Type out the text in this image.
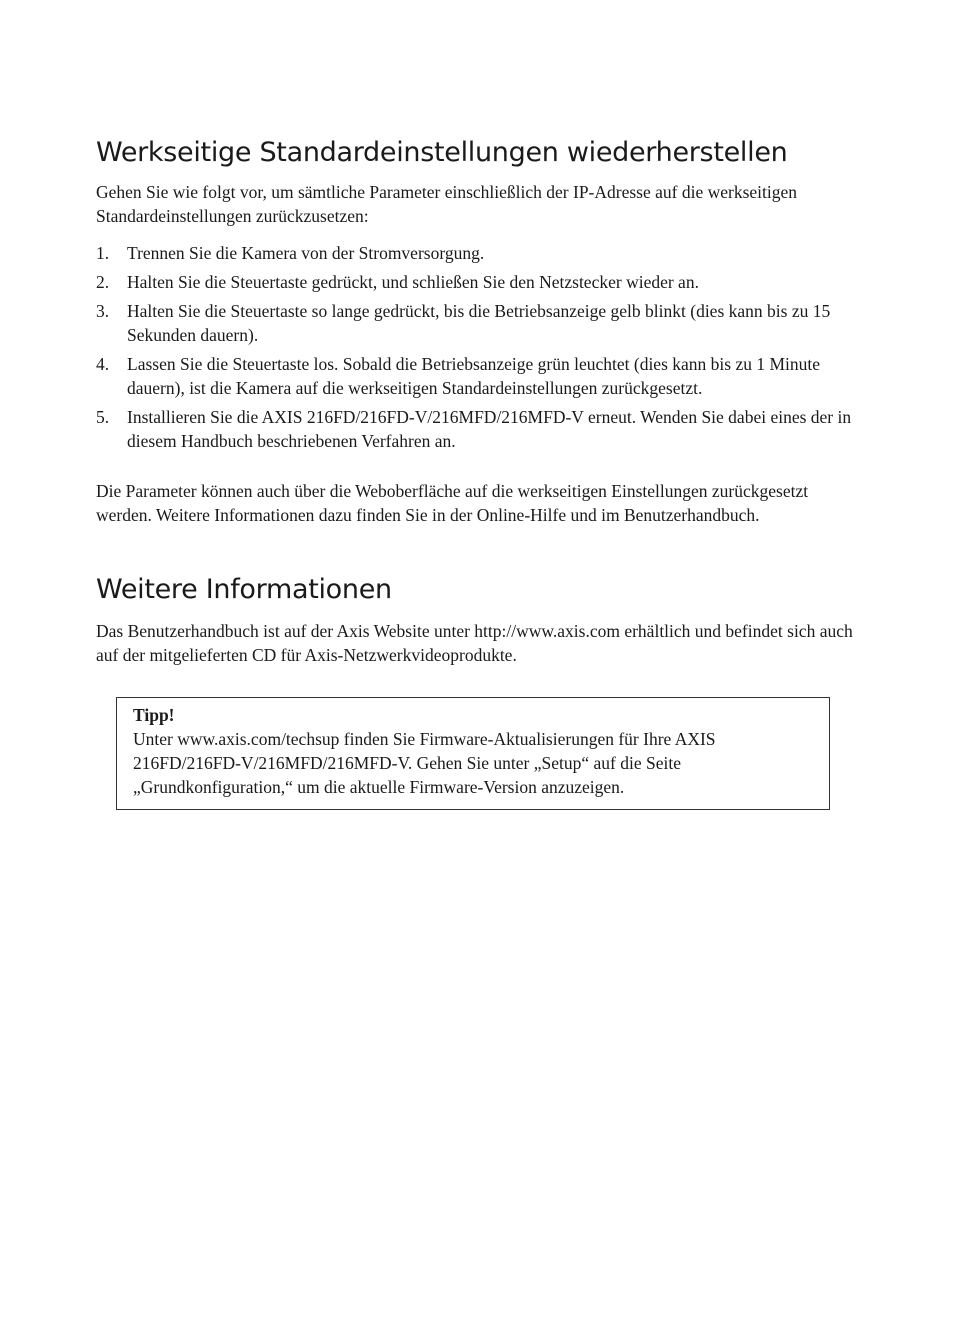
Werkseitige Standardeinstellungen wiederherstellen

Gehen Sie wie folgt vor, um sämtliche Parameter einschließlich der IP-Adresse auf die werkseitigen Standardeinstellungen zurückzusetzen:

1. Trennen Sie die Kamera von der Stromversorgung.
2. Halten Sie die Steuertaste gedrückt, und schließen Sie den Netzstecker wieder an.
3. Halten Sie die Steuertaste so lange gedrückt, bis die Betriebsanzeige gelb blinkt (dies kann bis zu 15 Sekunden dauern).
4. Lassen Sie die Steuertaste los. Sobald die Betriebsanzeige grün leuchtet (dies kann bis zu 1 Minute dauern), ist die Kamera auf die werkseitigen Standardeinstellungen zurückgesetzt.
5. Installieren Sie die AXIS 216FD/216FD-V/216MFD/216MFD-V erneut. Wenden Sie dabei eines der in diesem Handbuch beschriebenen Verfahren an.

Die Parameter können auch über die Weboberfläche auf die werkseitigen Einstellungen zurückgesetzt werden. Weitere Informationen dazu finden Sie in der Online-Hilfe und im Benutzerhandbuch.

Weitere Informationen

Das Benutzerhandbuch ist auf der Axis Website unter http://www.axis.com erhältlich und befindet sich auch auf der mitgelieferten CD für Axis-Netzwerkvideoprodukte.

Tipp!

Unter www.axis.com/techsup finden Sie Firmware-Aktualisierungen für Ihre AXIS 216FD/216FD-V/216MFD/216MFD-V. Gehen Sie unter „Setup“ auf die Seite „Grundkonfiguration,“ um die aktuelle Firmware-Version anzuzeigen.
